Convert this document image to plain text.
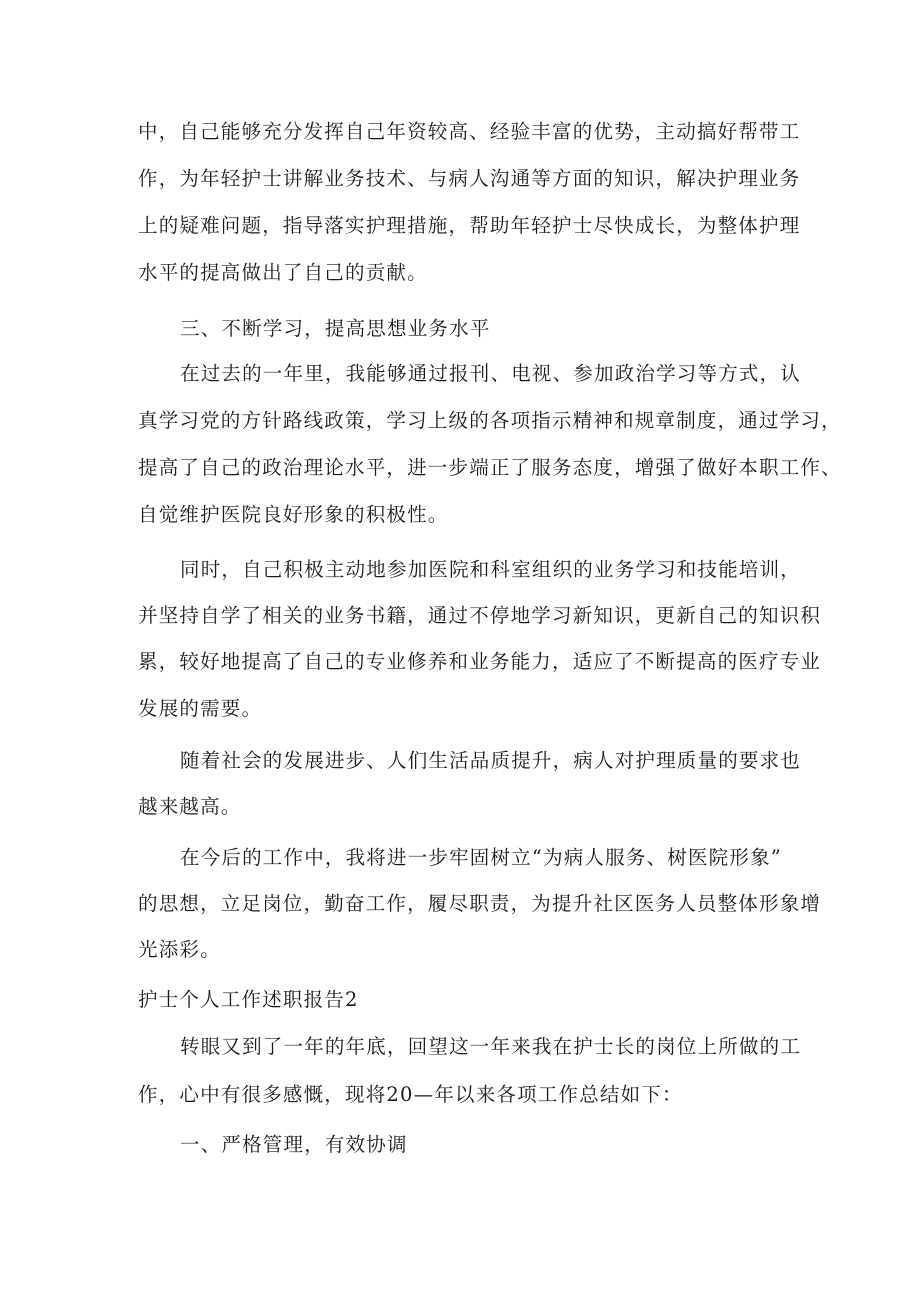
中，自己能够充分发挥自己年资较高、经验丰富的优势，主动搞好帮带工
作，为年轻护士讲解业务技术、与病人沟通等方面的知识，解决护理业务
上的疑难问题，指导落实护理措施，帮助年轻护士尽快成长，为整体护理
水平的提高做出了自己的贡献。
三、不断学习，提高思想业务水平
在过去的一年里，我能够通过报刊、电视、参加政治学习等方式，认
真学习党的方针路线政策，学习上级的各项指示精神和规章制度，通过学习，
提高了自己的政治理论水平，进一步端正了服务态度，增强了做好本职工作、
自觉维护医院良好形象的积极性。
同时，自己积极主动地参加医院和科室组织的业务学习和技能培训，
并坚持自学了相关的业务书籍，通过不停地学习新知识，更新自己的知识积
累，较好地提高了自己的专业修养和业务能力，适应了不断提高的医疗专业
发展的需要。
随着社会的发展进步、人们生活品质提升，病人对护理质量的要求也
越来越高。
在今后的工作中，我将进一步牢固树立“为病人服务、树医院形象”
的思想，立足岗位，勤奋工作，履尽职责，为提升社区医务人员整体形象增
光添彩。
护士个人工作述职报告2
转眼又到了一年的年底，回望这一年来我在护士长的岗位上所做的工
作，心中有很多感慨，现将20—年以来各项工作总结如下：
一、严格管理，有效协调
